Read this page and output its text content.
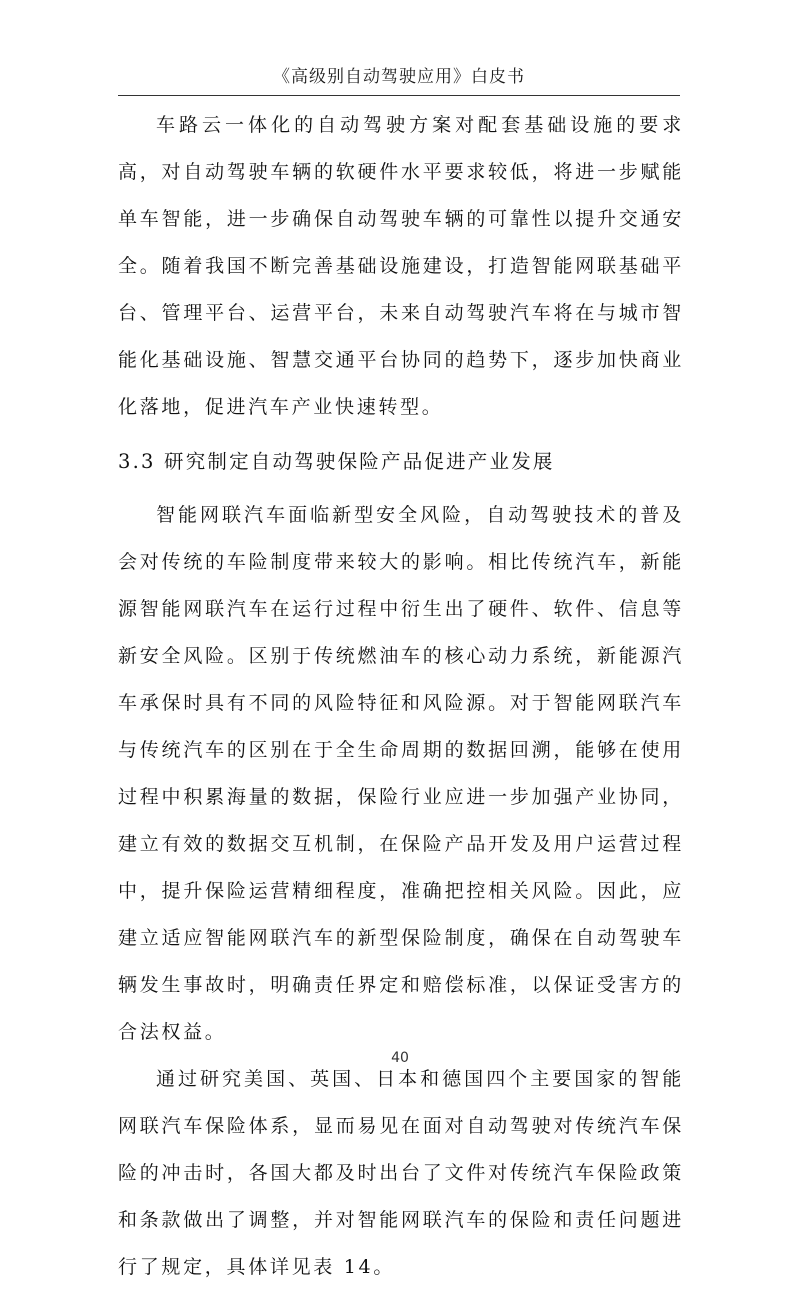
《高级别自动驾驶应用》白皮书

车路云一体化的自动驾驶方案对配套基础设施的要求高，对自动驾驶车辆的软硬件水平要求较低，将进一步赋能单车智能，进一步确保自动驾驶车辆的可靠性以提升交通安全。随着我国不断完善基础设施建设，打造智能网联基础平台、管理平台、运营平台，未来自动驾驶汽车将在与城市智能化基础设施、智慧交通平台协同的趋势下，逐步加快商业化落地，促进汽车产业快速转型。

3.3 研究制定自动驾驶保险产品促进产业发展

智能网联汽车面临新型安全风险，自动驾驶技术的普及会对传统的车险制度带来较大的影响。相比传统汽车，新能源智能网联汽车在运行过程中衍生出了硬件、软件、信息等新安全风险。区别于传统燃油车的核心动力系统，新能源汽车承保时具有不同的风险特征和风险源。对于智能网联汽车与传统汽车的区别在于全生命周期的数据回溯，能够在使用过程中积累海量的数据，保险行业应进一步加强产业协同，建立有效的数据交互机制，在保险产品开发及用户运营过程中，提升保险运营精细程度，准确把控相关风险。因此，应建立适应智能网联汽车的新型保险制度，确保在自动驾驶车辆发生事故时，明确责任界定和赔偿标准，以保证受害方的合法权益。

通过研究美国、英国、日本和德国四个主要国家的智能网联汽车保险体系，显而易见在面对自动驾驶对传统汽车保险的冲击时，各国大都及时出台了文件对传统汽车保险政策和条款做出了调整，并对智能网联汽车的保险和责任问题进行了规定，具体详见表 14。

40
